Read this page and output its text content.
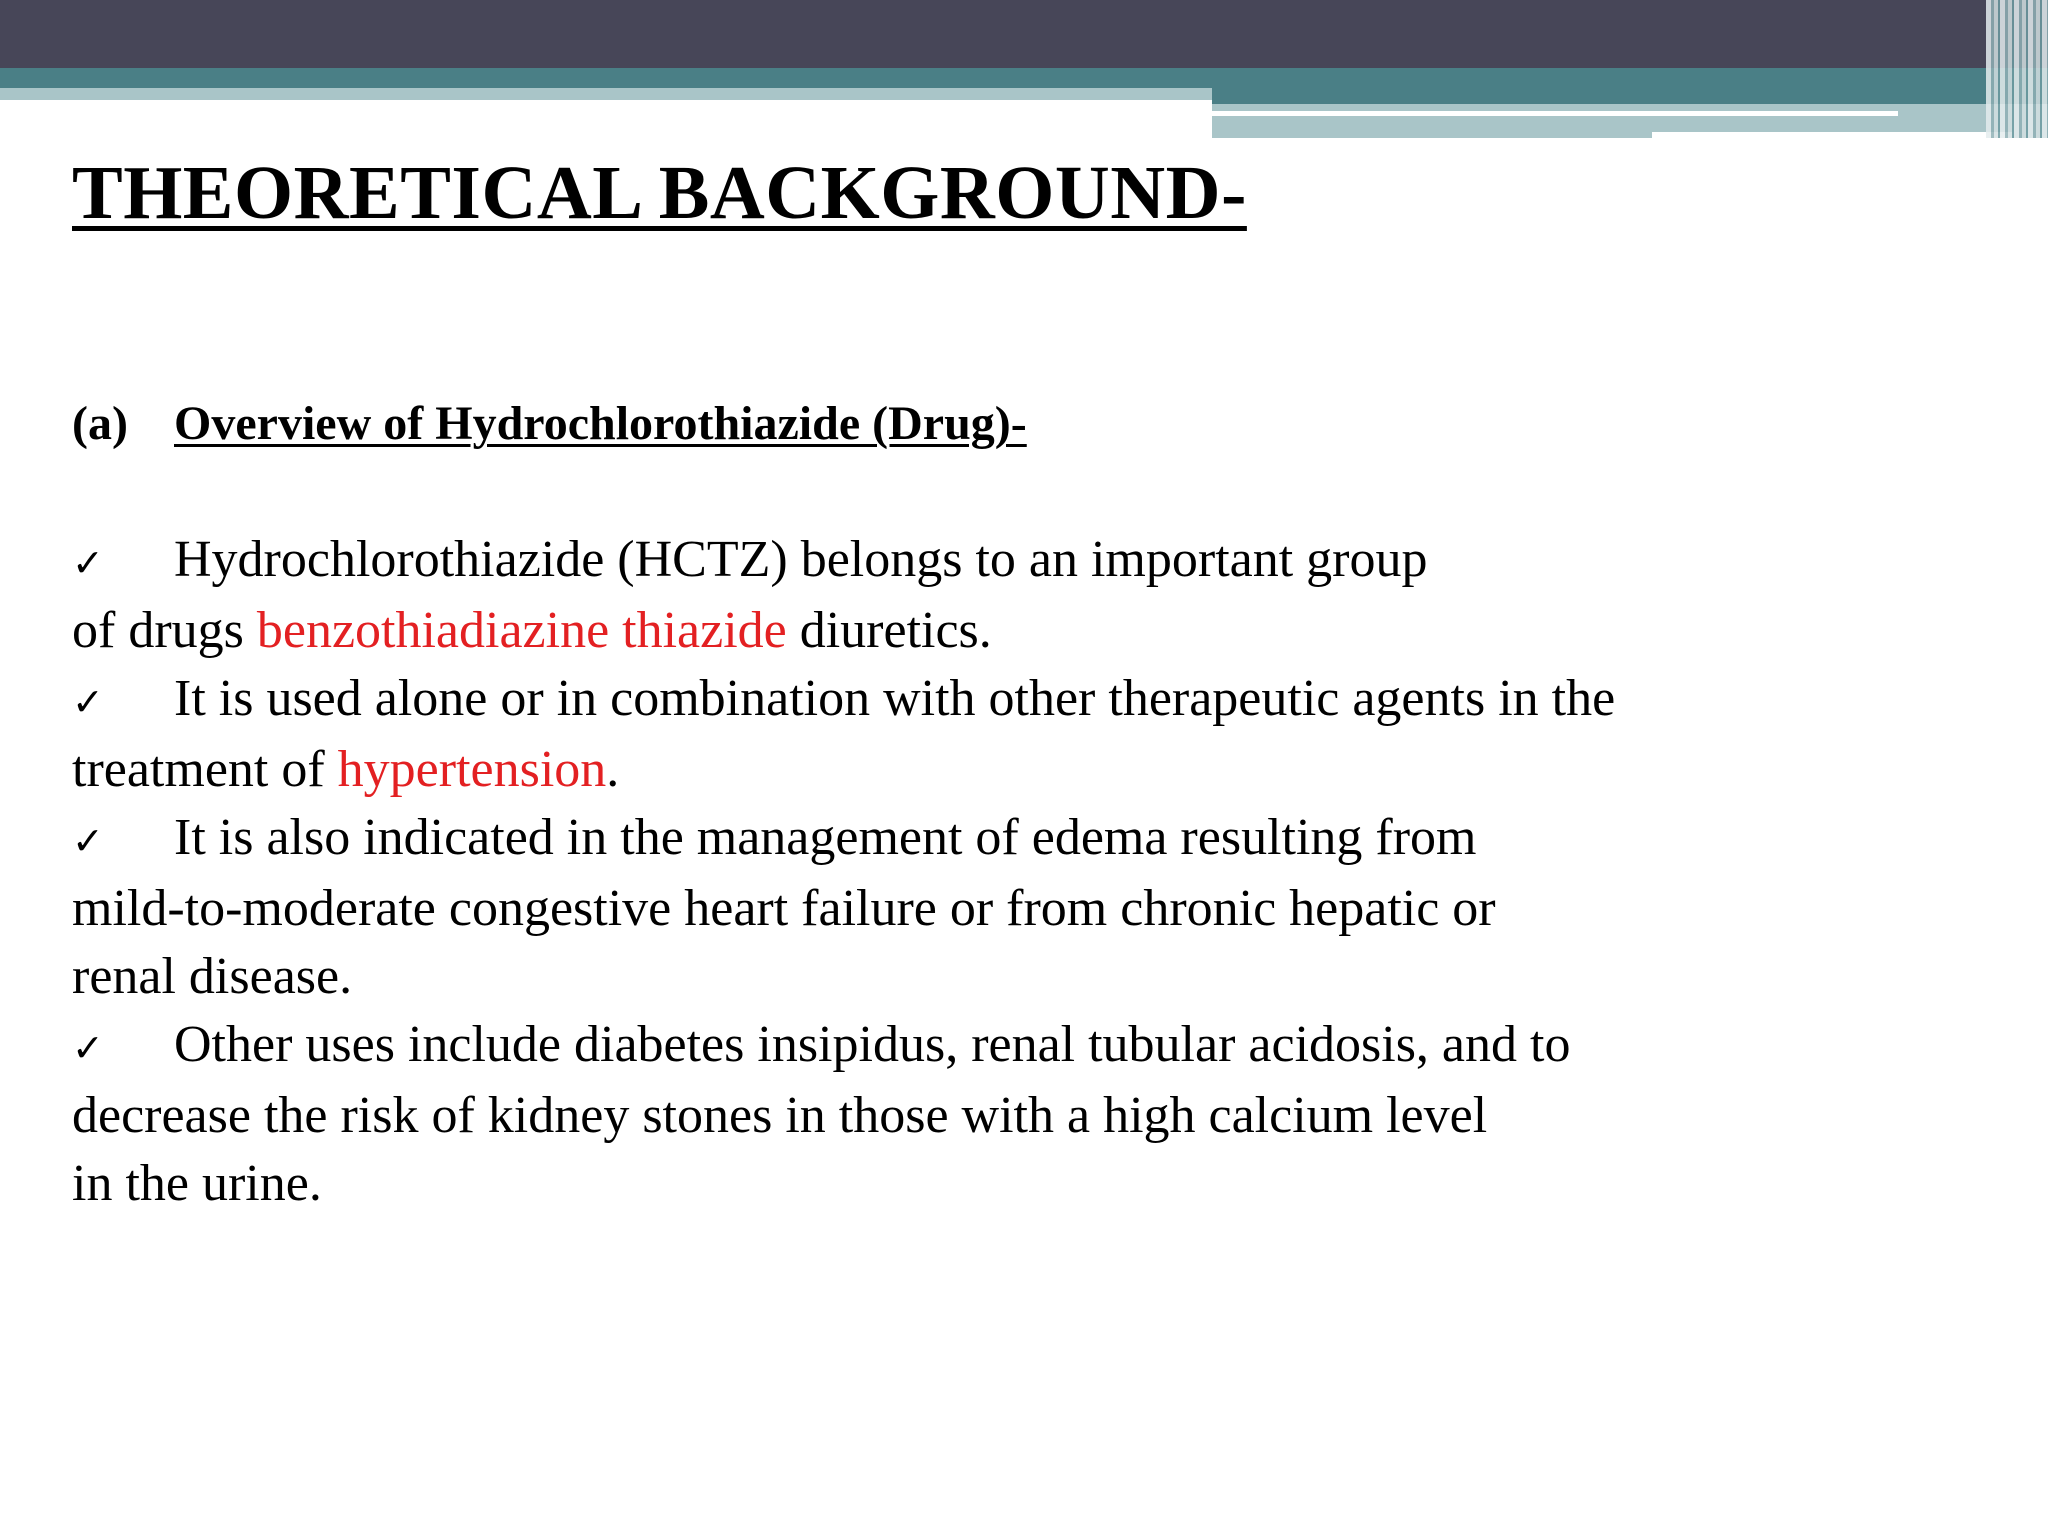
THEORETICAL BACKGROUND-
(a) Overview of Hydrochlorothiazide (Drug)-

✓ Hydrochlorothiazide (HCTZ) belongs to an important group
of drugs benzothiadiazine thiazide diuretics.

✓ It is used alone or in combination with other therapeutic agents in the
treatment of hypertension.

✓ It is also indicated in the management of edema resulting from
mild-to-moderate congestive heart failure or from chronic hepatic or
renal disease.

✓ Other uses include diabetes insipidus, renal tubular acidosis, and to
decrease the risk of kidney stones in those with a high calcium level
in the urine.
